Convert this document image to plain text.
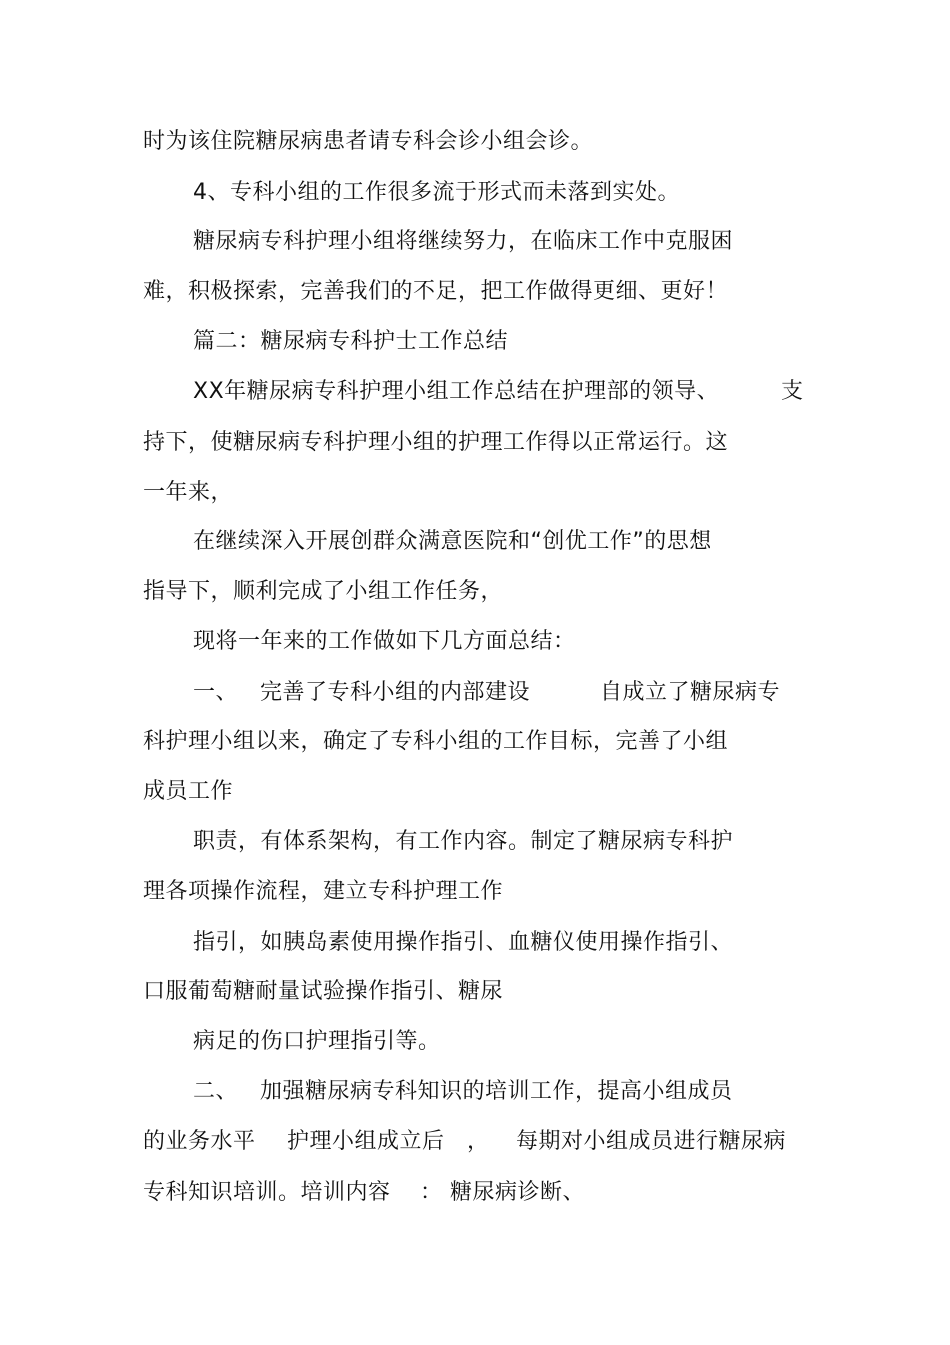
时为该住院糖尿病患者请专科会诊小组会诊。
4、专科小组的工作很多流于形式而未落到实处。
糖尿病专科护理小组将继续努力，在临床工作中克服困
难，积极探索，完善我们的不足，把工作做得更细、更好！
篇二：糖尿病专科护士工作总结
XX年糖尿病专科护理小组工作总结在护理部的领导、	支
持下，使糖尿病专科护理小组的护理工作得以正常运行。这
一年来，
在继续深入开展创群众满意医院和“创优工作”的思想
指导下，顺利完成了小组工作任务，
现将一年来的工作做如下几方面总结：
一、 完善了专科小组的内部建设	自成立了糖尿病专
科护理小组以来，确定了专科小组的工作目标，完善了小组
成员工作
职责，有体系架构，有工作内容。制定了糖尿病专科护
理各项操作流程，建立专科护理工作
指引，如胰岛素使用操作指引、血糖仪使用操作指引、
口服葡萄糖耐量试验操作指引、糖尿
病足的伤口护理指引等。
二、 加强糖尿病专科知识的培训工作，提高小组成员
的业务水平 护理小组成立后 ， 每期对小组成员进行糖尿病
专科知识培训。培训内容 ： 糖尿病诊断、
